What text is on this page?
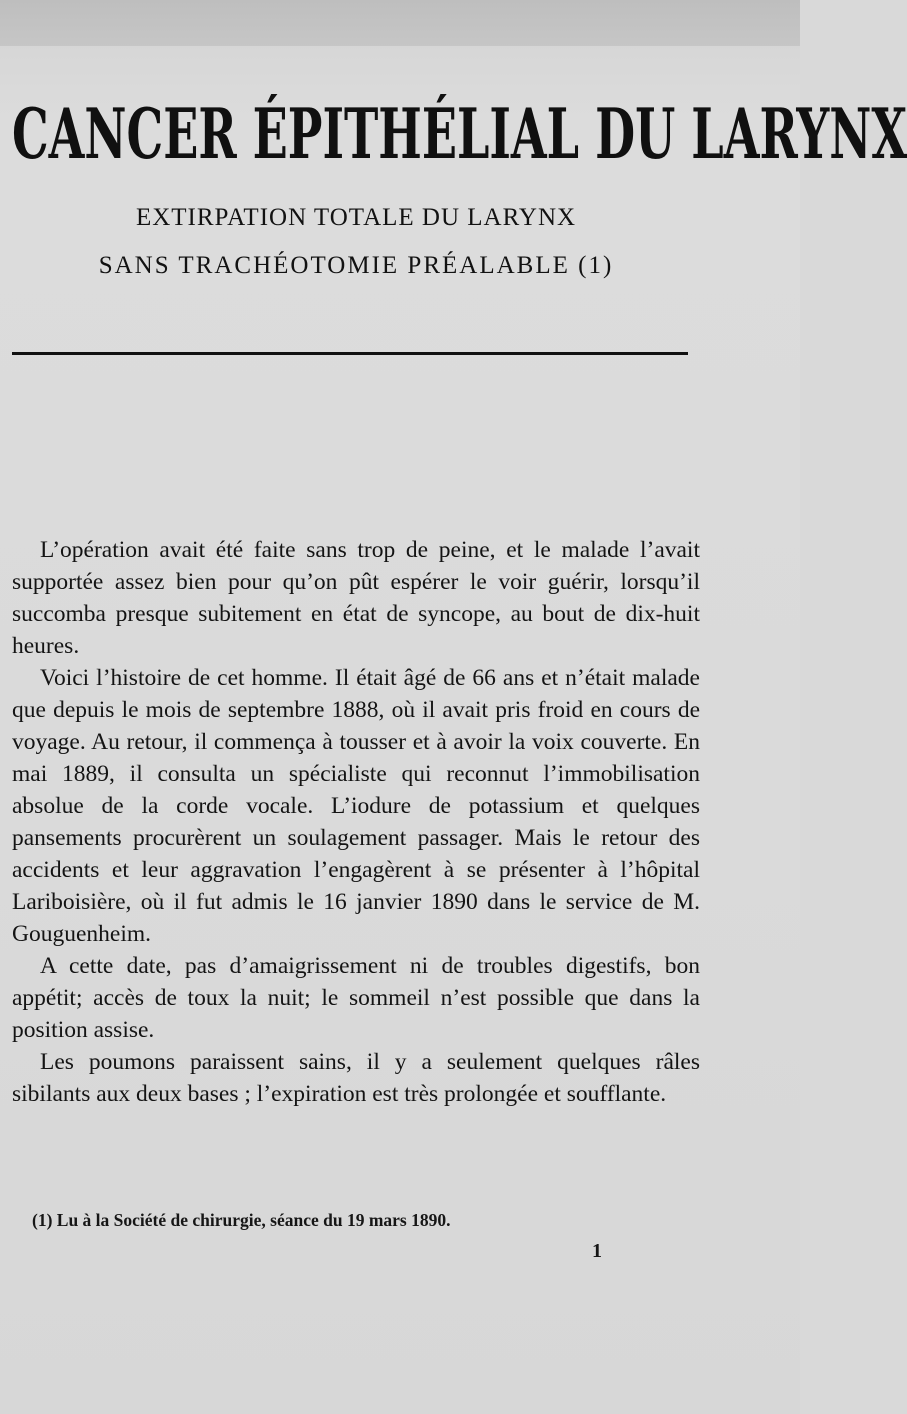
CANCER ÉPITHÉLIAL DU LARYNX
EXTIRPATION TOTALE DU LARYNX
SANS TRACHÉOTOMIE PRÉALABLE (1)

L’opération avait été faite sans trop de peine, et le malade l’avait supportée assez bien pour qu’on pût espérer le voir guérir, lorsqu’il succomba presque subitement en état de syncope, au bout de dix-huit heures.

Voici l’histoire de cet homme. Il était âgé de 66 ans et n’était malade que depuis le mois de septembre 1888, où il avait pris froid en cours de voyage. Au retour, il commença à tousser et à avoir la voix couverte. En mai 1889, il consulta un spécialiste qui reconnut l’immobilisation absolue de la corde vocale. L’iodure de potassium et quelques pansements procurèrent un soulagement passager. Mais le retour des accidents et leur aggravation l’engagèrent à se présenter à l’hôpital Lariboisière, où il fut admis le 16 janvier 1890 dans le service de M. Gouguenheim.

A cette date, pas d’amaigrissement ni de troubles digestifs, bon appétit; accès de toux la nuit; le sommeil n’est possible que dans la position assise.

Les poumons paraissent sains, il y a seulement quelques râles sibilants aux deux bases ; l’expiration est très prolongée et soufflante.

(1) Lu à la Société de chirurgie, séance du 19 mars 1890.
1
